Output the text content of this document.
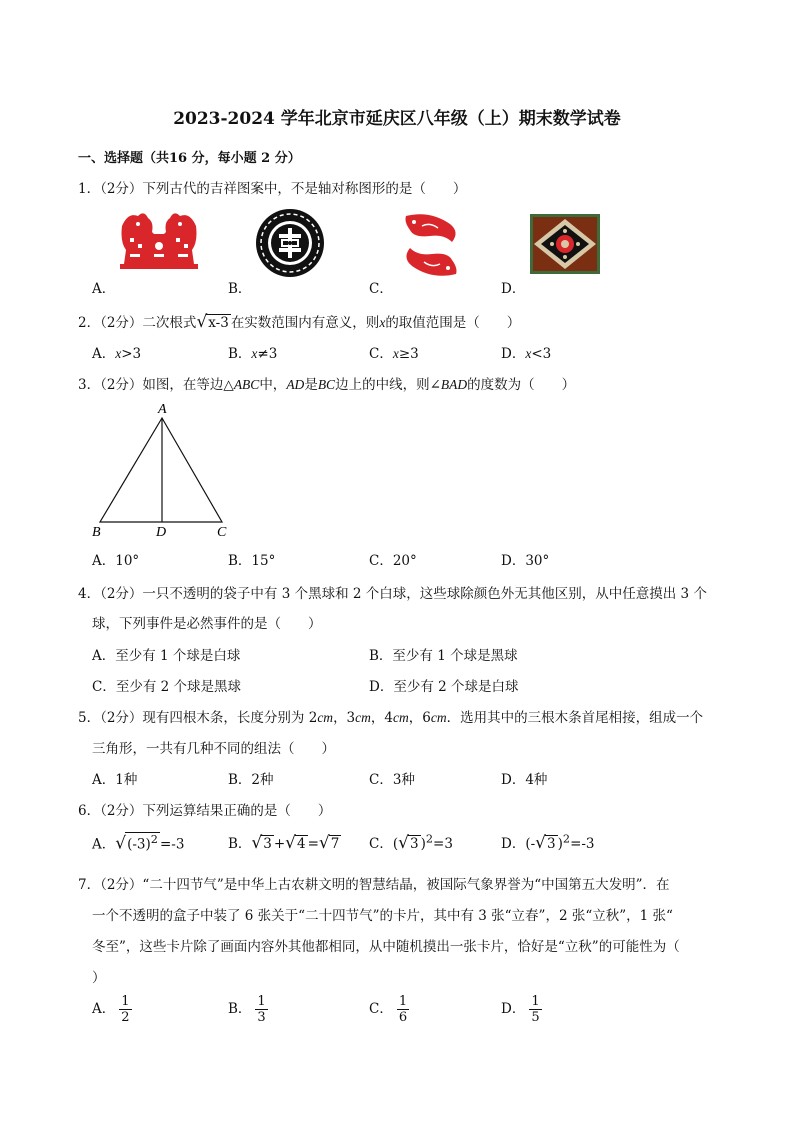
2023-2024 学年北京市延庆区八年级（上）期末数学试卷
一、选择题（共16 分，每小题 2 分）
1．（2分）下列古代的吉祥图案中，不是轴对称图形的是（　　）
A．	B．	C．	D．
2．（2分）二次根式√x-3 在实数范围内有意义，则x的取值范围是（　　）
A．x>3	B．x≠3	C．x≥3	D．x<3
3．（2分）如图，在等边△ABC中，AD是BC边上的中线，则∠BAD的度数为（　　）
A
B	D	C
A．10°	B．15°	C．20°	D．30°
4．（2分）一只不透明的袋子中有 3 个黑球和 2 个白球，这些球除颜色外无其他区别，从中任意摸出 3 个
球，下列事件是必然事件的是（　　）
A．至少有 1 个球是白球	B．至少有 1 个球是黑球
C．至少有 2 个球是黑球	D．至少有 2 个球是白球
5．（2分）现有四根木条，长度分别为 2cm，3cm，4cm，6cm．选用其中的三根木条首尾相接，组成一个
三角形，一共有几种不同的组法（　　）
A．1种	B．2种	C．3种	D．4种
6．（2分）下列运算结果正确的是（　　）
A．$√(-3)^2 =-3$	B．√3 +√4 =√7 C．(√3 )$^2$=3	D．(-√3 )$^2$=-3
7．（2分）“二十四节气”是中华上古农耕文明的智慧结晶，被国际气象界誉为“中国第五大发明”．在
一个不透明的盒子中装了 6 张关于“二十四节气”的卡片，其中有 3 张“立春”，2 张“立秋”，1 张“
冬至”，这些卡片除了画面内容外其他都相同，从中随机摸出一张卡片，恰好是“立秋”的可能性为（
）
A． $\frac{1}{2}$	B． $\frac{1}{3}$	C． $\frac{1}{6}$	D． $\frac{1}{5}$
